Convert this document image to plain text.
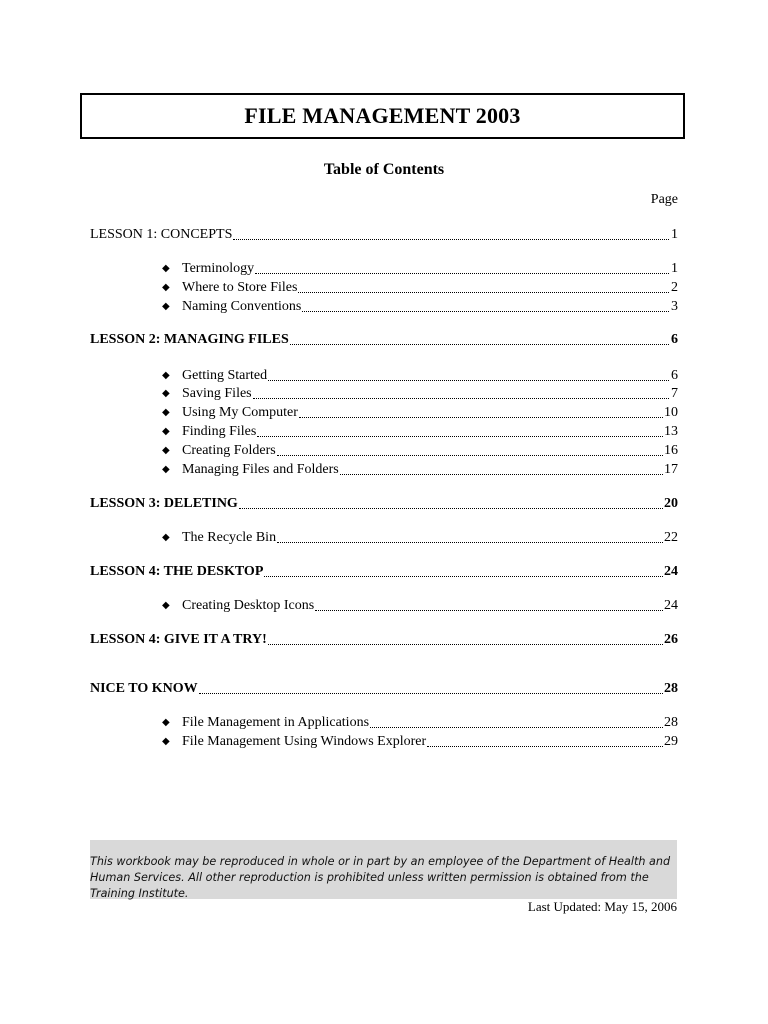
FILE MANAGEMENT 2003
Table of Contents
Page
LESSON 1: CONCEPTS	1
◆ Terminology	1
◆ Where to Store Files	2
◆ Naming Conventions	3
LESSON 2: MANAGING FILES	6
◆ Getting Started	6
◆ Saving Files	7
◆ Using My Computer	10
◆ Finding Files	13
◆ Creating Folders	16
◆ Managing Files and Folders	17
LESSON 3: DELETING	20
◆ The Recycle Bin	22
LESSON 4: THE DESKTOP	24
◆ Creating Desktop Icons	24
LESSON 4: GIVE IT A TRY!	26
NICE TO KNOW	28
◆ File Management in Applications	28
◆ File Management Using Windows Explorer	29
This workbook may be reproduced in whole or in part by an employee of the Department of Health and Human Services. All other reproduction is prohibited unless written permission is obtained from the Training Institute.
Last Updated: May 15, 2006
